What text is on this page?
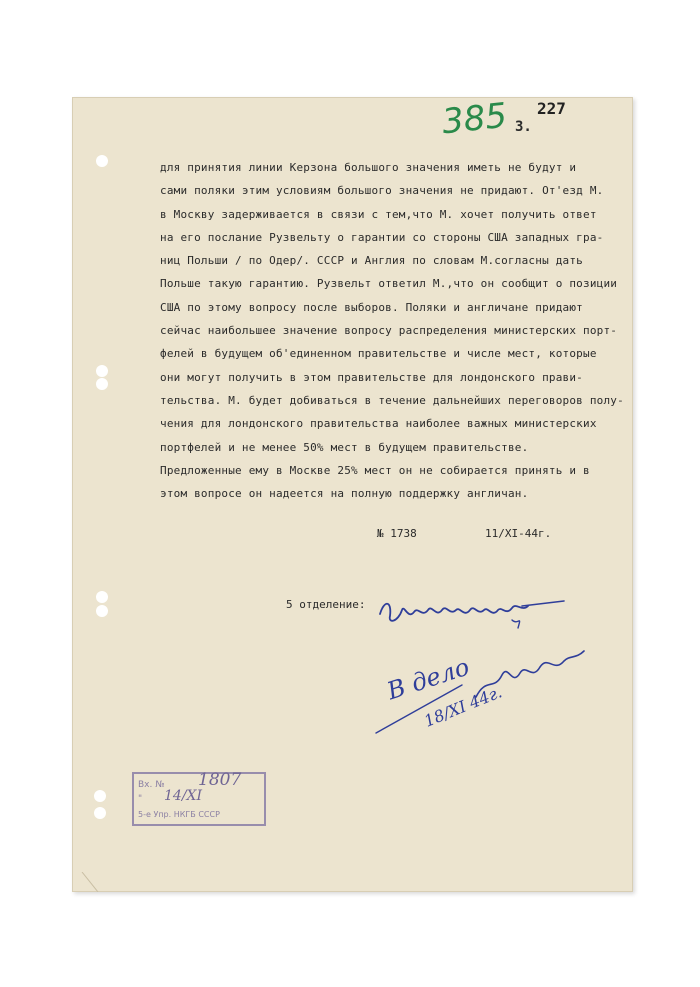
385 227
3.
для принятия линии Керзона большого значения иметь не будут и
сами поляки этим условиям большого значения не придают. От'езд М.
в Москву задерживается в связи с тем,что М. хочет получить ответ
на его послание Рузвельту о гарантии со стороны США западных гра-
ниц Польши / по Одер/. СССР и Англия по словам М.согласны дать
Польше такую гарантию. Рузвельт ответил М.,что он сообщит о позиции
США по этому вопросу после выборов. Поляки и англичане придают
сейчас наибольшее значение вопросу распределения министерских порт-
фелей в будущем об'единенном правительстве и числе мест, которые
они могут получить в этом правительстве для лондонского прави-
тельства. М. будет добиваться в течение дальнейших переговоров полу-
чения для лондонского правительства наиболее важных министерских
портфелей и не менее 50% мест в будущем правительстве.
Предложенные ему в Москве 25% мест он не собирается принять и в
этом вопросе он надеется на полную поддержку англичан.
№ 1738	11/XI-44г.
5 отделение:
В дело
18/XI 44г.
Вх. №
"
5-е Упр. НКГБ СССР
1807
14/XI
